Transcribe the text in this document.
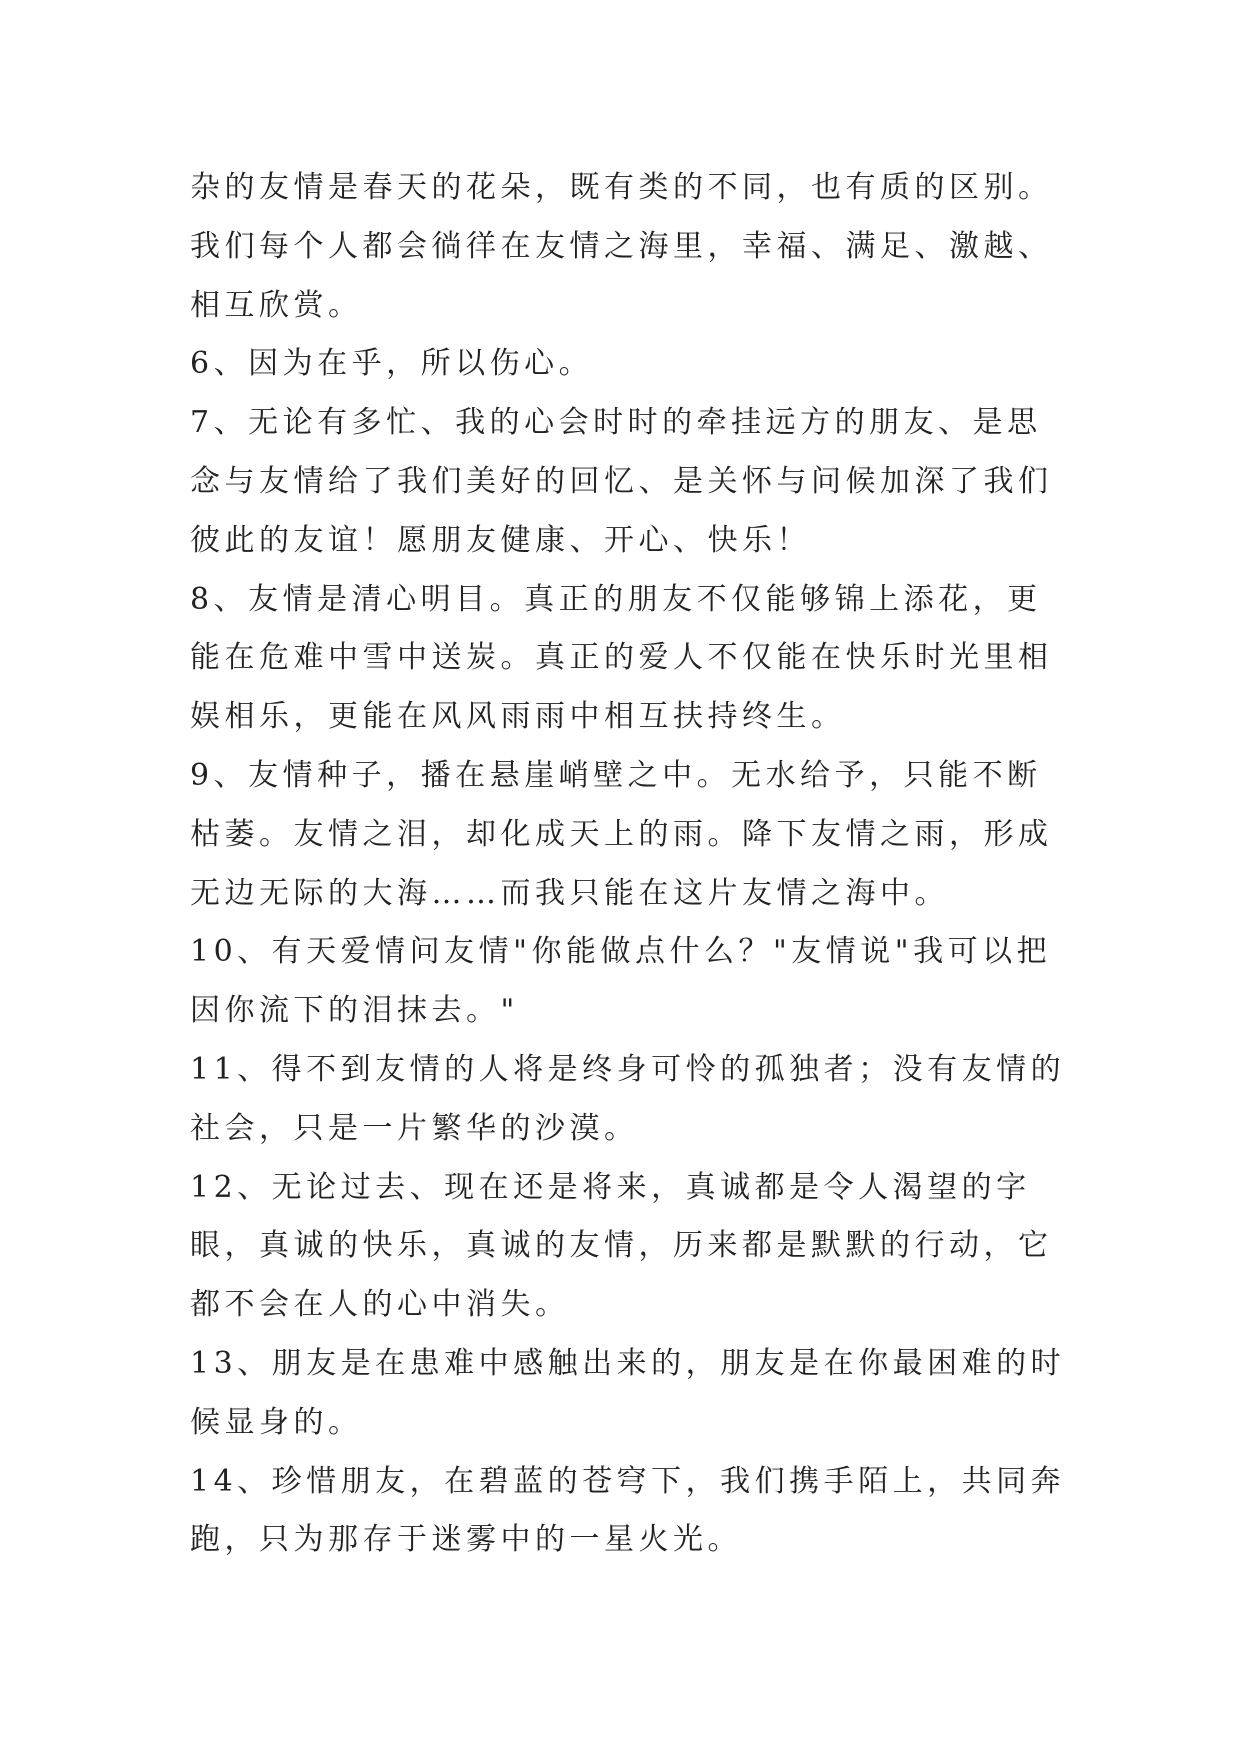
杂的友情是春天的花朵，既有类的不同，也有质的区别。我们每个人都会徜徉在友情之海里，幸福、满足、激越、相互欣赏。

6、因为在乎，所以伤心。

7、无论有多忙、我的心会时时的牵挂远方的朋友、是思念与友情给了我们美好的回忆、是关怀与问候加深了我们彼此的友谊！愿朋友健康、开心、快乐！

8、友情是清心明目。真正的朋友不仅能够锦上添花，更能在危难中雪中送炭。真正的爱人不仅能在快乐时光里相娱相乐，更能在风风雨雨中相互扶持终生。

9、友情种子，播在悬崖峭壁之中。无水给予，只能不断枯萎。友情之泪，却化成天上的雨。降下友情之雨，形成无边无际的大海……而我只能在这片友情之海中。

10、有天爱情问友情"你能做点什么？"友情说"我可以把因你流下的泪抹去。"

11、得不到友情的人将是终身可怜的孤独者；没有友情的社会，只是一片繁华的沙漠。

12、无论过去、现在还是将来，真诚都是令人渴望的字眼，真诚的快乐，真诚的友情，历来都是默默的行动，它都不会在人的心中消失。

13、朋友是在患难中感触出来的，朋友是在你最困难的时候显身的。

14、珍惜朋友，在碧蓝的苍穹下，我们携手陌上，共同奔跑，只为那存于迷雾中的一星火光。
